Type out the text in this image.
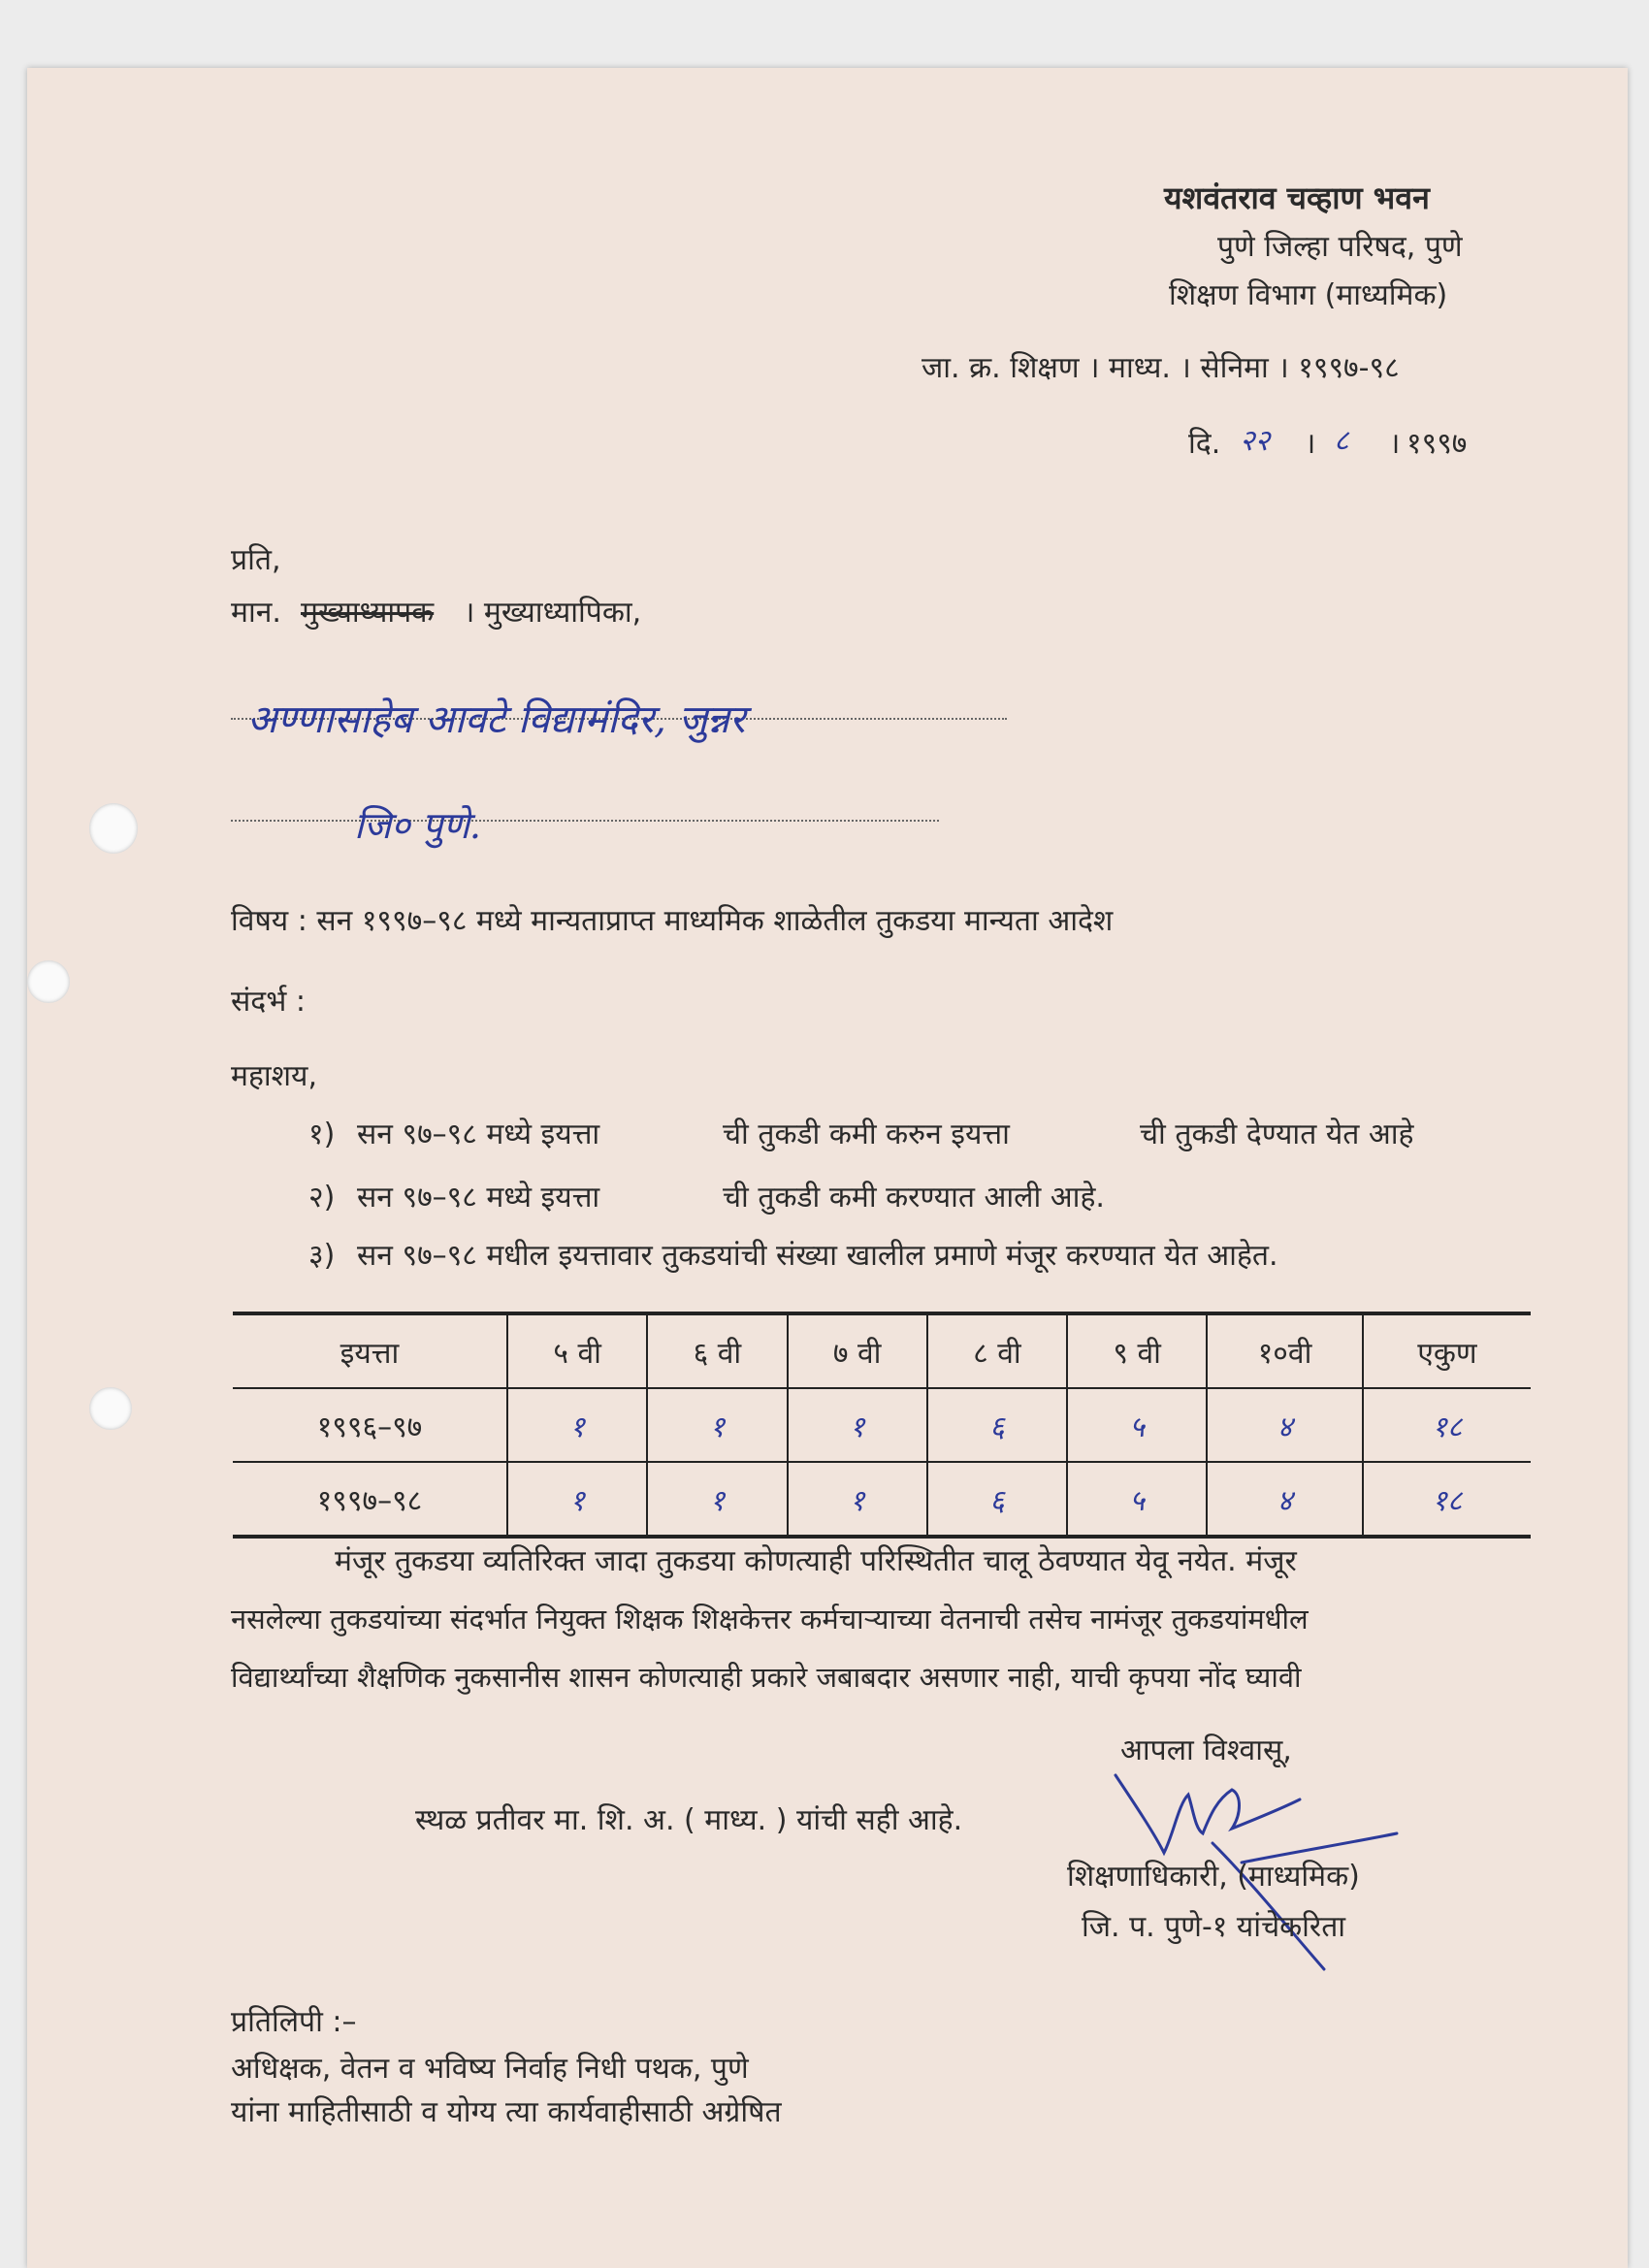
यशवंतराव चव्हाण भवन
पुणे जिल्हा परिषद, पुणे
शिक्षण विभाग (माध्यमिक)
जा. क्र. शिक्षण । माध्य. । सेनिमा । १९९७-९८
दि. २२ । ८ । १९९७
प्रति,
मान. मुख्याध्यापक । मुख्याध्यापिका,
अण्णासाहेब आवटे विद्यामंदिर, जुन्नर
जि० पुणे.
विषय : सन १९९७–९८ मध्ये मान्यताप्राप्त माध्यमिक शाळेतील तुकडया मान्यता आदेश
संदर्भ :
महाशय,
१) सन ९७–९८ मध्ये इयत्ता	ची तुकडी कमी करुन इयत्ता	ची तुकडी देण्यात येत आहे
२) सन ९७–९८ मध्ये इयत्ता	ची तुकडी कमी करण्यात आली आहे.
३) सन ९७–९८ मधील इयत्तावार तुकडयांची संख्या खालील प्रमाणे मंजूर करण्यात येत आहेत.
इयत्ता	५ वी	६ वी	७ वी	८ वी	९ वी	१०वी	एकुण
१९९६–९७	१	१	१	६	५	४	१८
१९९७–९८	१	१	१	६	५	४	१८
मंजूर तुकडया व्यतिरिक्त जादा तुकडया कोणत्याही परिस्थितीत चालू ठेवण्यात येवू नयेत. मंजूर
नसलेल्या तुकडयांच्या संदर्भात नियुक्त शिक्षक शिक्षकेत्तर कर्मचाऱ्याच्या वेतनाची तसेच नामंजूर तुकडयांमधील
विद्यार्थ्यांच्या शैक्षणिक नुकसानीस शासन कोणत्याही प्रकारे जबाबदार असणार नाही, याची कृपया नोंद घ्यावी
आपला विश्वासू,
स्थळ प्रतीवर मा. शि. अ. ( माध्य. ) यांची सही आहे.
शिक्षणाधिकारी, (माध्यमिक)
जि. प. पुणे-१ यांचेकरिता
प्रतिलिपी :–
अधिक्षक, वेतन व भविष्य निर्वाह निधी पथक, पुणे
यांना माहितीसाठी व योग्य त्या कार्यवाहीसाठी अग्रेषित
